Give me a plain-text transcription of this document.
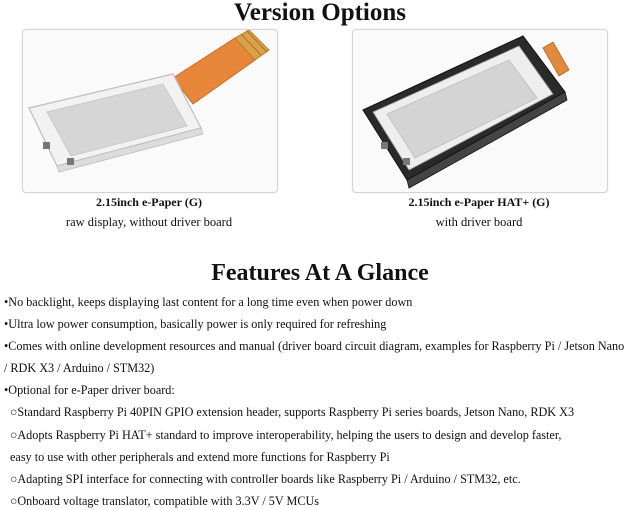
Version Options
2.15inch e-Paper (G)
raw display, without driver board
2.15inch e-Paper HAT+ (G)
with driver board
Features At A Glance
•No backlight, keeps displaying last content for a long time even when power down
•Ultra low power consumption, basically power is only required for refreshing
•Comes with online development resources and manual (driver board circuit diagram, examples for Raspberry Pi / Jetson Nano
/ RDK X3 / Arduino / STM32)
•Optional for e-Paper driver board:
○Standard Raspberry Pi 40PIN GPIO extension header, supports Raspberry Pi series boards, Jetson Nano, RDK X3
○Adopts Raspberry Pi HAT+ standard to improve interoperability, helping the users to design and develop faster,
easy to use with other peripherals and extend more functions for Raspberry Pi
○Adapting SPI interface for connecting with controller boards like Raspberry Pi / Arduino / STM32, etc.
○Onboard voltage translator, compatible with 3.3V / 5V MCUs
